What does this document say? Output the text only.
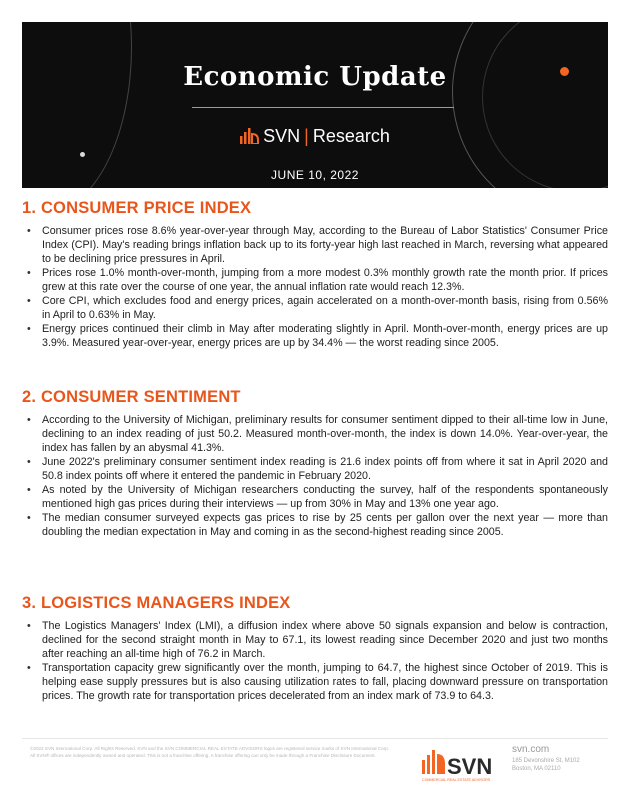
Economic Update
SVN | Research
JUNE 10, 2022
1. CONSUMER PRICE INDEX
• Consumer prices rose 8.6% year-over-year through May, according to the Bureau of Labor Statistics' Consumer Price Index (CPI). May's reading brings inflation back up to its forty-year high last reached in March, reversing what appeared to be declining price pressures in April.
• Prices rose 1.0% month-over-month, jumping from a more modest 0.3% monthly growth rate the month prior. If prices grew at this rate over the course of one year, the annual inflation rate would reach 12.3%.
• Core CPI, which excludes food and energy prices, again accelerated on a month-over-month basis, rising from 0.56% in April to 0.63% in May.
• Energy prices continued their climb in May after moderating slightly in April. Month-over-month, energy prices are up 3.9%. Measured year-over-year, energy prices are up by 34.4% — the worst reading since 2005.
2. CONSUMER SENTIMENT
• According to the University of Michigan, preliminary results for consumer sentiment dipped to their all-time low in June, declining to an index reading of just 50.2. Measured month-over-month, the index is down 14.0%. Year-over-year, the index has fallen by an abysmal 41.3%.
• June 2022's preliminary consumer sentiment index reading is 21.6 index points off from where it sat in April 2020 and 50.8 index points off where it entered the pandemic in February 2020.
• As noted by the University of Michigan researchers conducting the survey, half of the respondents spontaneously mentioned high gas prices during their interviews — up from 30% in May and 13% one year ago.
• The median consumer surveyed expects gas prices to rise by 25 cents per gallon over the next year — more than doubling the median expectation in May and coming in as the second-highest reading since 2005.
3. LOGISTICS MANAGERS INDEX
• The Logistics Managers' Index (LMI), a diffusion index where above 50 signals expansion and below is contraction, declined for the second straight month in May to 67.1, its lowest reading since December 2020 and just two months after reaching an all-time high of 76.2 in March.
• Transportation capacity grew significantly over the month, jumping to 64.7, the highest since October of 2019. This is helping ease supply pressures but is also causing utilization rates to fall, placing downward pressure on transportation prices. The growth rate for transportation prices decelerated from an index mark of 73.9 to 64.3.
©2022 SVN International Corp. All Rights Reserved. SVN and the SVN COMMERCIAL REAL ESTATE ADVISORS logos are registered service marks of SVN International Corp. All SVN® offices are independently owned and operated. This is not a franchise offering. A franchise offering can only be made through a Franchise Disclosure Document.	SVN
COMMERCIAL REAL ESTATE ADVISORS
svn.com
185 Devonshire St, M102
Boston, MA 02110
